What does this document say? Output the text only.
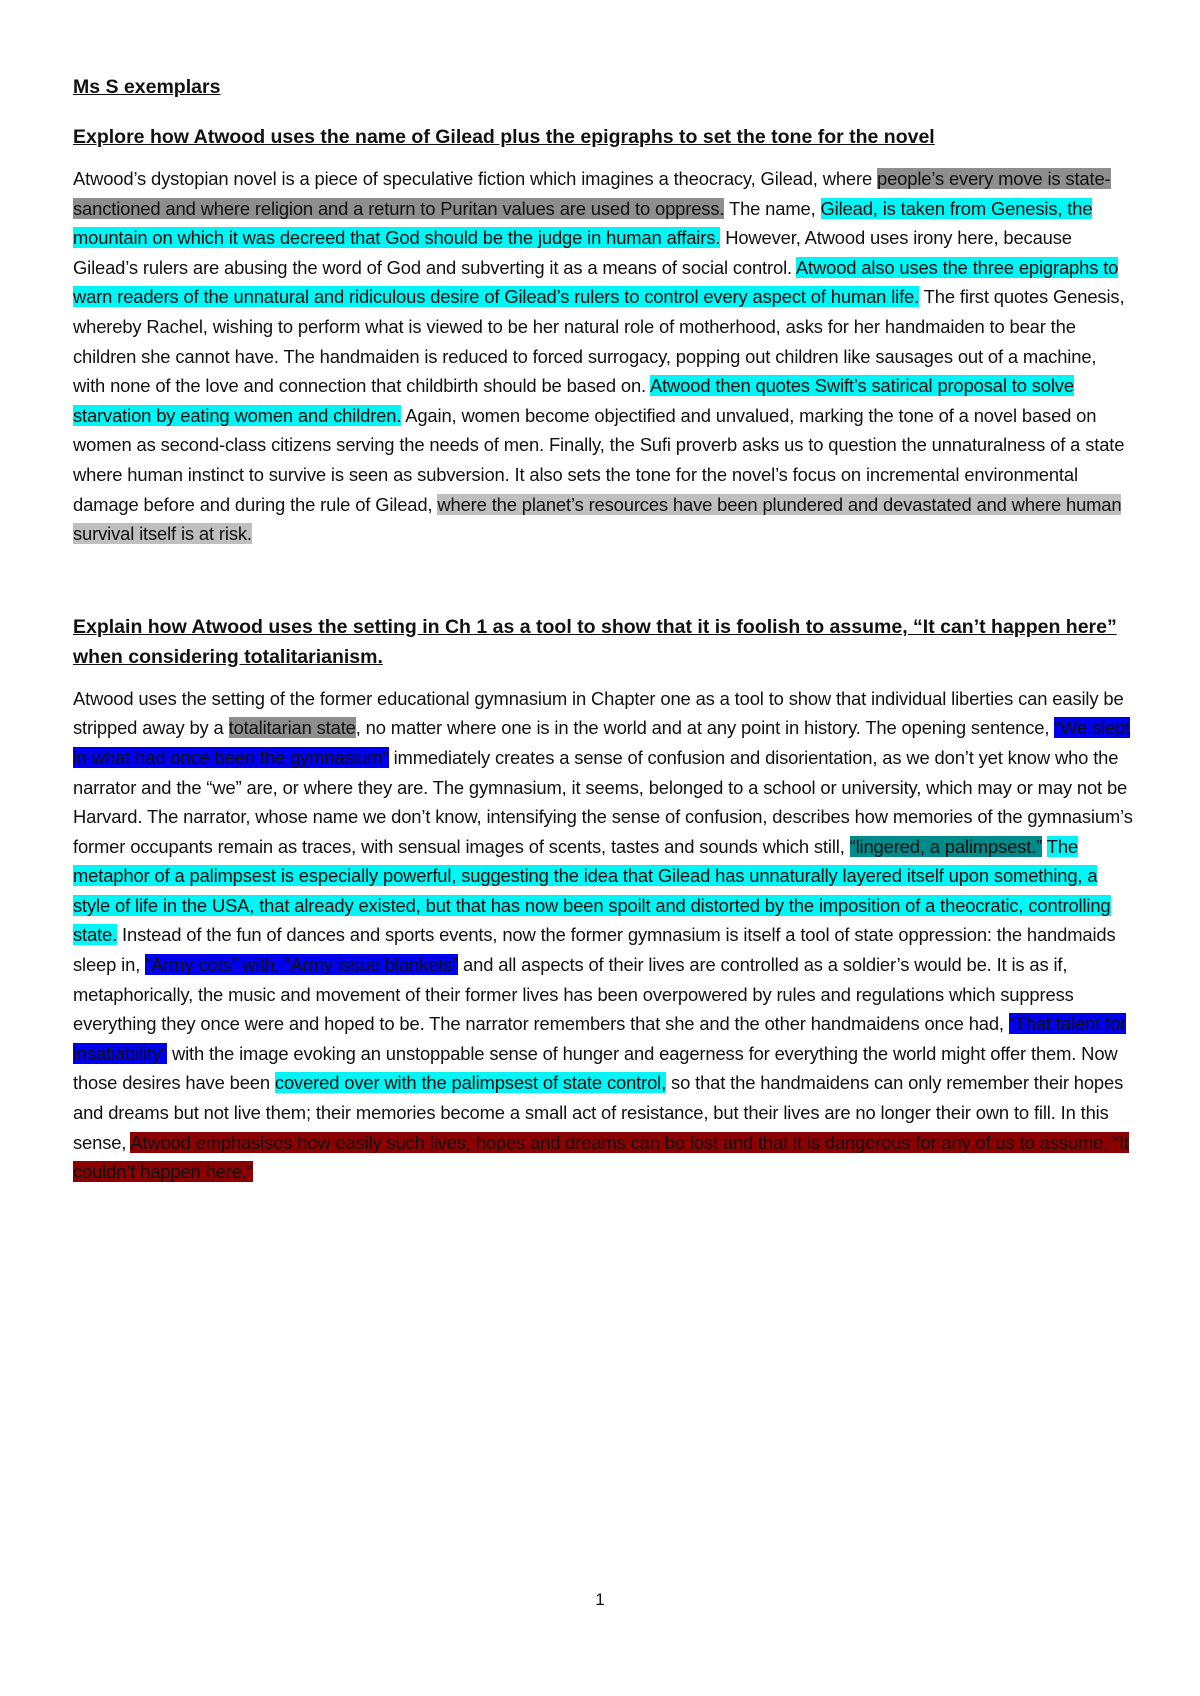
Ms S exemplars
Explore how Atwood uses the name of Gilead plus the epigraphs to set the tone for the novel

Atwood’s dystopian novel is a piece of speculative fiction which imagines a theocracy, Gilead, where people’s every move is state-sanctioned and where religion and a return to Puritan values are used to oppress. The name, Gilead, is taken from Genesis, the mountain on which it was decreed that God should be the judge in human affairs. However, Atwood uses irony here, because Gilead’s rulers are abusing the word of God and subverting it as a means of social control. Atwood also uses the three epigraphs to warn readers of the unnatural and ridiculous desire of Gilead’s rulers to control every aspect of human life. The first quotes Genesis, whereby Rachel, wishing to perform what is viewed to be her natural role of motherhood, asks for her handmaiden to bear the children she cannot have. The handmaiden is reduced to forced surrogacy, popping out children like sausages out of a machine, with none of the love and connection that childbirth should be based on. Atwood then quotes Swift’s satirical proposal to solve starvation by eating women and children. Again, women become objectified and unvalued, marking the tone of a novel based on women as second-class citizens serving the needs of men. Finally, the Sufi proverb asks us to question the unnaturalness of a state where human instinct to survive is seen as subversion. It also sets the tone for the novel’s focus on incremental environmental damage before and during the rule of Gilead, where the planet’s resources have been plundered and devastated and where human survival itself is at risk.

Explain how Atwood uses the setting in Ch 1 as a tool to show that it is foolish to assume, “It can’t happen here” when considering totalitarianism.

Atwood uses the setting of the former educational gymnasium in Chapter one as a tool to show that individual liberties can easily be stripped away by a totalitarian state, no matter where one is in the world and at any point in history. The opening sentence, “We slept in what had once been the gymnasium” immediately creates a sense of confusion and disorientation, as we don’t yet know who the narrator and the “we” are, or where they are. The gymnasium, it seems, belonged to a school or university, which may or may not be Harvard. The narrator, whose name we don’t know, intensifying the sense of confusion, describes how memories of the gymnasium’s former occupants remain as traces, with sensual images of scents, tastes and sounds which still, “lingered, a palimpsest.” The metaphor of a palimpsest is especially powerful, suggesting the idea that Gilead has unnaturally layered itself upon something, a style of life in the USA, that already existed, but that has now been spoilt and distorted by the imposition of a theocratic, controlling state. Instead of the fun of dances and sports events, now the former gymnasium is itself a tool of state oppression: the handmaids sleep in, “Army cots” with, “Army issue blankets” and all aspects of their lives are controlled as a soldier’s would be. It is as if, metaphorically, the music and movement of their former lives has been overpowered by rules and regulations which suppress everything they once were and hoped to be. The narrator remembers that she and the other handmaidens once had, “That talent for insatiability” with the image evoking an unstoppable sense of hunger and eagerness for everything the world might offer them. Now those desires have been covered over with the palimpsest of state control, so that the handmaidens can only remember their hopes and dreams but not live them; their memories become a small act of resistance, but their lives are no longer their own to fill. In this sense, Atwood emphasises how easily such lives, hopes and dreams can be lost and that it is dangerous for any of us to assume, “It couldn’t happen here.”

1
